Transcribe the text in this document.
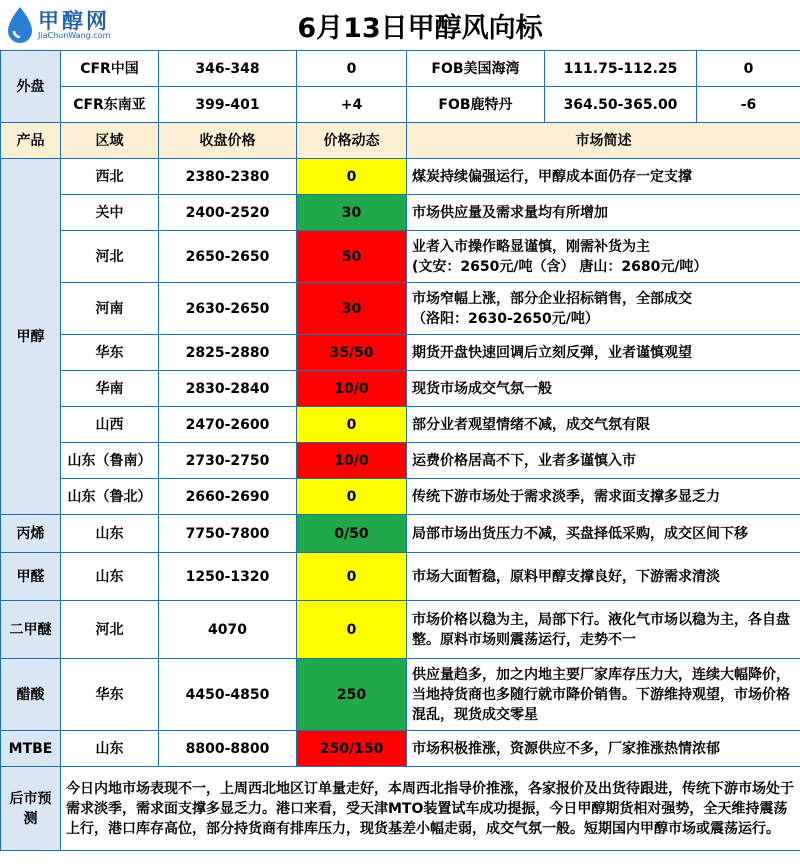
甲醇网
JiaChunWang.com	6月13日甲醇风向标
外盘	CFR中国	346-348	0	FOB美国海湾	111.75-112.25	0
	CFR东南亚	399-401	+4	FOB鹿特丹	364.50-365.00	-6
产品	区域	收盘价格	价格动态	市场简述		
甲醇	西北	2380-2380	0	煤炭持续偏强运行，甲醇成本面仍存一定支撑		
	关中	2400-2520	30	市场供应量及需求量均有所增加		
	河北	2650-2650	50	业者入市操作略显谨慎，刚需补货为主
(文安：2650元/吨（含） 唐山：2680元/吨）		
	河南	2630-2650	30	市场窄幅上涨，部分企业招标销售，全部成交
（洛阳：2630-2650元/吨）		
	华东	2825-2880	35/50	期货开盘快速回调后立刻反弹，业者谨慎观望		
	华南	2830-2840	10/0	现货市场成交气氛一般		
	山西	2470-2600	0	部分业者观望情绪不减，成交气氛有限		
	山东（鲁南）	2730-2750	10/0	运费价格居高不下，业者多谨慎入市		
	山东（鲁北）	2660-2690	0	传统下游市场处于需求淡季，需求面支撑多显乏力		
丙烯	山东	7750-7800	0/50	局部市场出货压力不减，买盘择低采购，成交区间下移		
甲醛	山东	1250-1320	0	市场大面暂稳，原料甲醇支撑良好，下游需求清淡		
二甲醚	河北	4070	0	市场价格以稳为主，局部下行。液化气市场以稳为主，各自盘整。原料市场则震荡运行，走势不一		
醋酸	华东	4450-4850	250	供应量趋多，加之内地主要厂家库存压力大，连续大幅降价，当地持货商也多随行就市降价销售。下游维持观望，市场价格混乱，现货成交零星		
MTBE	山东	8800-8800	250/150	市场积极推涨，资源供应不多，厂家推涨热情浓郁		
后市预测	今日内地市场表现不一，上周西北地区订单量走好，本周西北指导价推涨，各家报价及出货待跟进，传统下游市场处于需求淡季，需求面支撑多显乏力。港口来看，受天津MTO装置试车成功提振，今日甲醇期货相对强势，全天维持震荡上行，港口库存高位，部分持货商有排库压力，现货基差小幅走弱，成交气氛一般。短期国内甲醇市场或震荡运行。					
